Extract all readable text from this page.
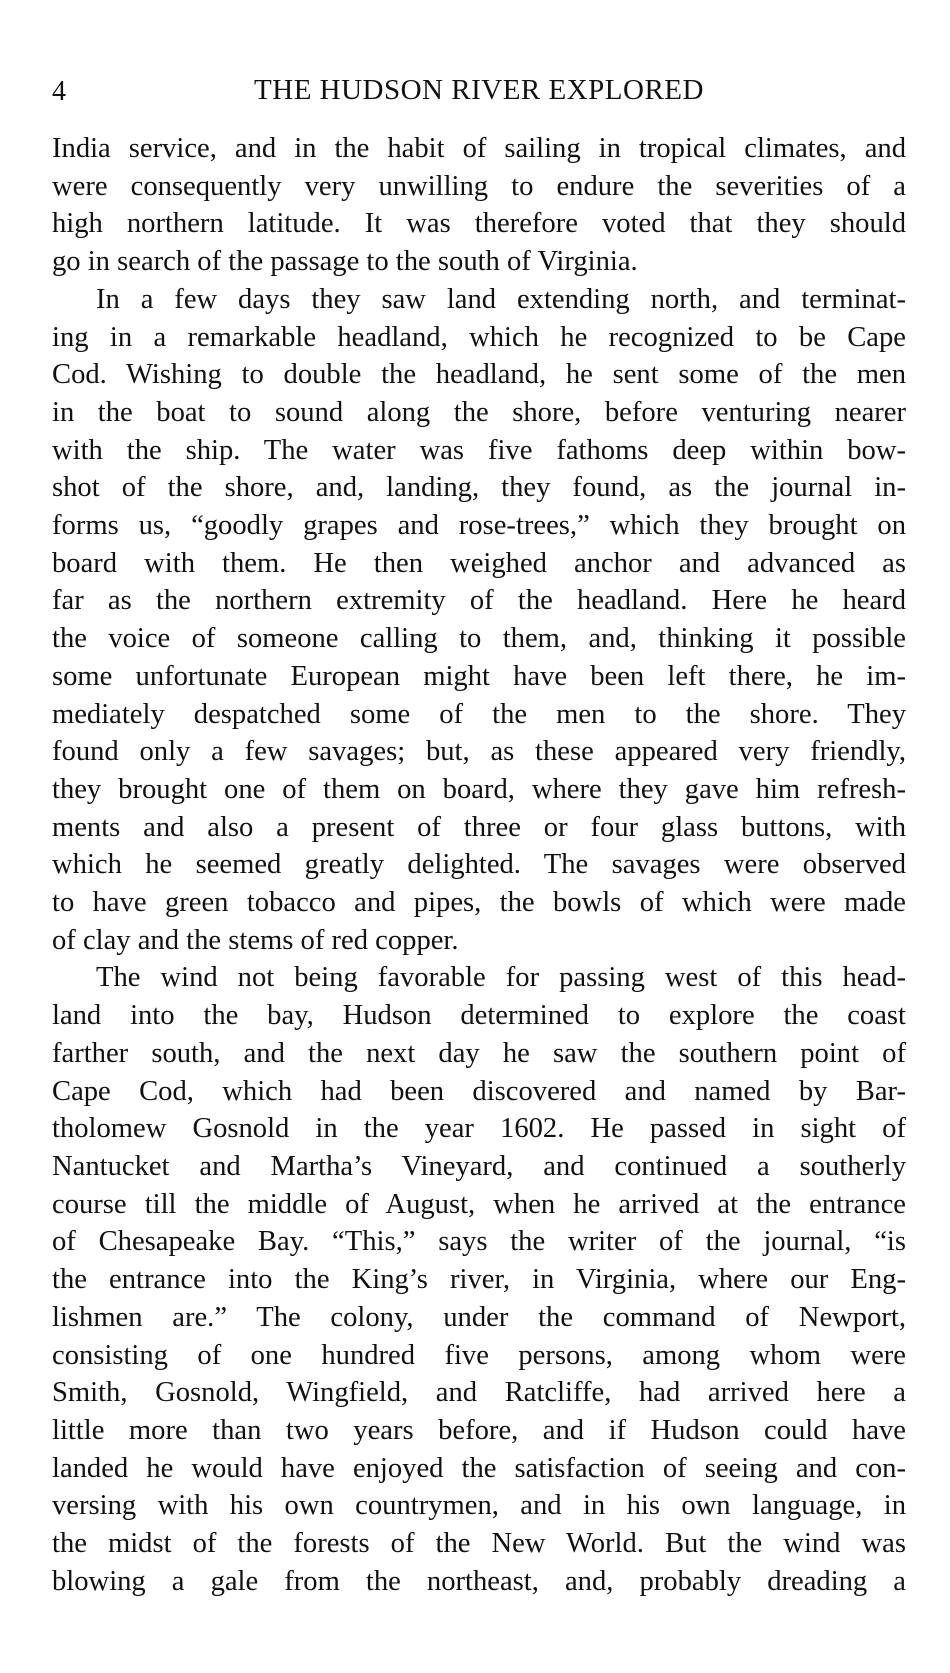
4	THE HUDSON RIVER EXPLORED
India service, and in the habit of sailing in tropical climates, and
were consequently very unwilling to endure the severities of a
high northern latitude. It was therefore voted that they should
go in search of the passage to the south of Virginia.
In a few days they saw land extending north, and terminat-
ing in a remarkable headland, which he recognized to be Cape
Cod. Wishing to double the headland, he sent some of the men
in the boat to sound along the shore, before venturing nearer
with the ship. The water was five fathoms deep within bow-
shot of the shore, and, landing, they found, as the journal in-
forms us, “goodly grapes and rose-trees,” which they brought on
board with them. He then weighed anchor and advanced as
far as the northern extremity of the headland. Here he heard
the voice of someone calling to them, and, thinking it possible
some unfortunate European might have been left there, he im-
mediately despatched some of the men to the shore. They
found only a few savages; but, as these appeared very friendly,
they brought one of them on board, where they gave him refresh-
ments and also a present of three or four glass buttons, with
which he seemed greatly delighted. The savages were observed
to have green tobacco and pipes, the bowls of which were made
of clay and the stems of red copper.
The wind not being favorable for passing west of this head-
land into the bay, Hudson determined to explore the coast
farther south, and the next day he saw the southern point of
Cape Cod, which had been discovered and named by Bar-
tholomew Gosnold in the year 1602. He passed in sight of
Nantucket and Martha’s Vineyard, and continued a southerly
course till the middle of August, when he arrived at the entrance
of Chesapeake Bay. “This,” says the writer of the journal, “is
the entrance into the King’s river, in Virginia, where our Eng-
lishmen are.” The colony, under the command of Newport,
consisting of one hundred five persons, among whom were
Smith, Gosnold, Wingfield, and Ratcliffe, had arrived here a
little more than two years before, and if Hudson could have
landed he would have enjoyed the satisfaction of seeing and con-
versing with his own countrymen, and in his own language, in
the midst of the forests of the New World. But the wind was
blowing a gale from the northeast, and, probably dreading a
